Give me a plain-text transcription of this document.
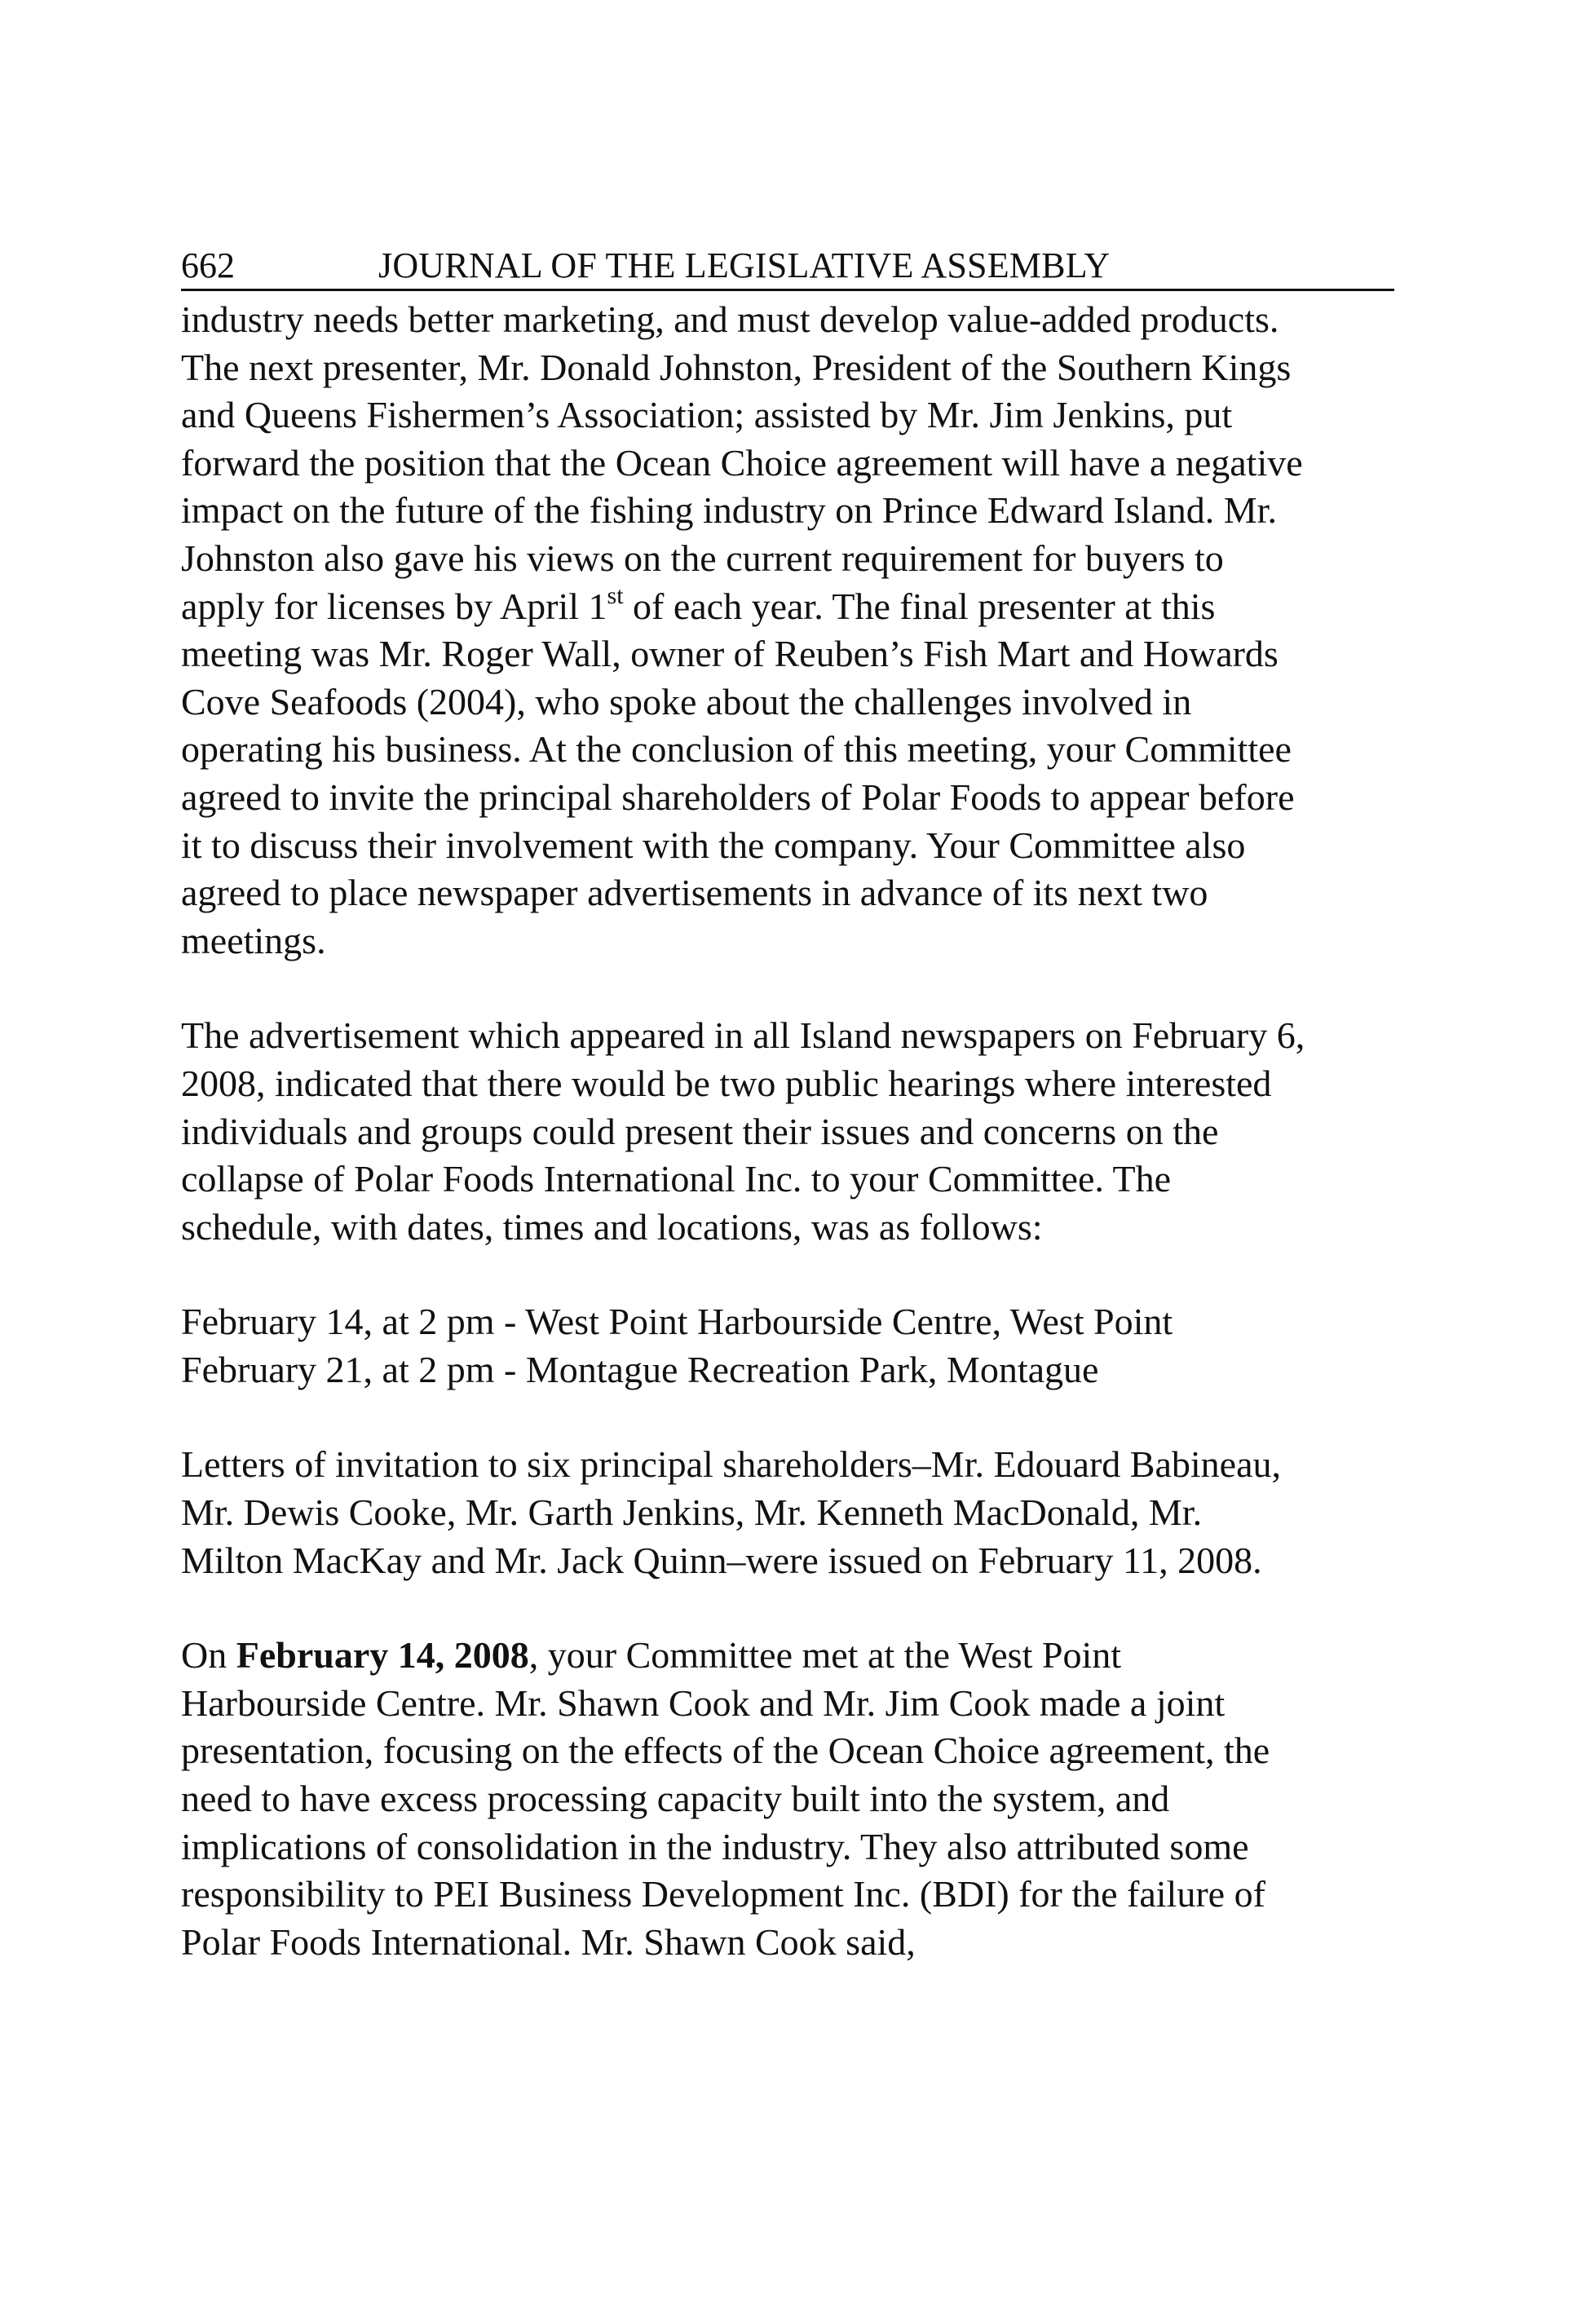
662	JOURNAL OF THE LEGISLATIVE ASSEMBLY

industry needs better marketing, and must develop value-added products.
The next presenter, Mr. Donald Johnston, President of the Southern Kings
and Queens Fishermen’s Association; assisted by Mr. Jim Jenkins, put
forward the position that the Ocean Choice agreement will have a negative
impact on the future of the fishing industry on Prince Edward Island. Mr.
Johnston also gave his views on the current requirement for buyers to
apply for licenses by April 1st of each year. The final presenter at this
meeting was Mr. Roger Wall, owner of Reuben’s Fish Mart and Howards
Cove Seafoods (2004), who spoke about the challenges involved in
operating his business. At the conclusion of this meeting, your Committee
agreed to invite the principal shareholders of Polar Foods to appear before
it to discuss their involvement with the company. Your Committee also
agreed to place newspaper advertisements in advance of its next two
meetings.

The advertisement which appeared in all Island newspapers on February 6,
2008, indicated that there would be two public hearings where interested
individuals and groups could present their issues and concerns on the
collapse of Polar Foods International Inc. to your Committee. The
schedule, with dates, times and locations, was as follows:

February 14, at 2 pm - West Point Harbourside Centre, West Point
February 21, at 2 pm - Montague Recreation Park, Montague

Letters of invitation to six principal shareholders–Mr. Edouard Babineau,
Mr. Dewis Cooke, Mr. Garth Jenkins, Mr. Kenneth MacDonald, Mr.
Milton MacKay and Mr. Jack Quinn–were issued on February 11, 2008.

On February 14, 2008, your Committee met at the West Point
Harbourside Centre. Mr. Shawn Cook and Mr. Jim Cook made a joint
presentation, focusing on the effects of the Ocean Choice agreement, the
need to have excess processing capacity built into the system, and
implications of consolidation in the industry. They also attributed some
responsibility to PEI Business Development Inc. (BDI) for the failure of
Polar Foods International. Mr. Shawn Cook said,
